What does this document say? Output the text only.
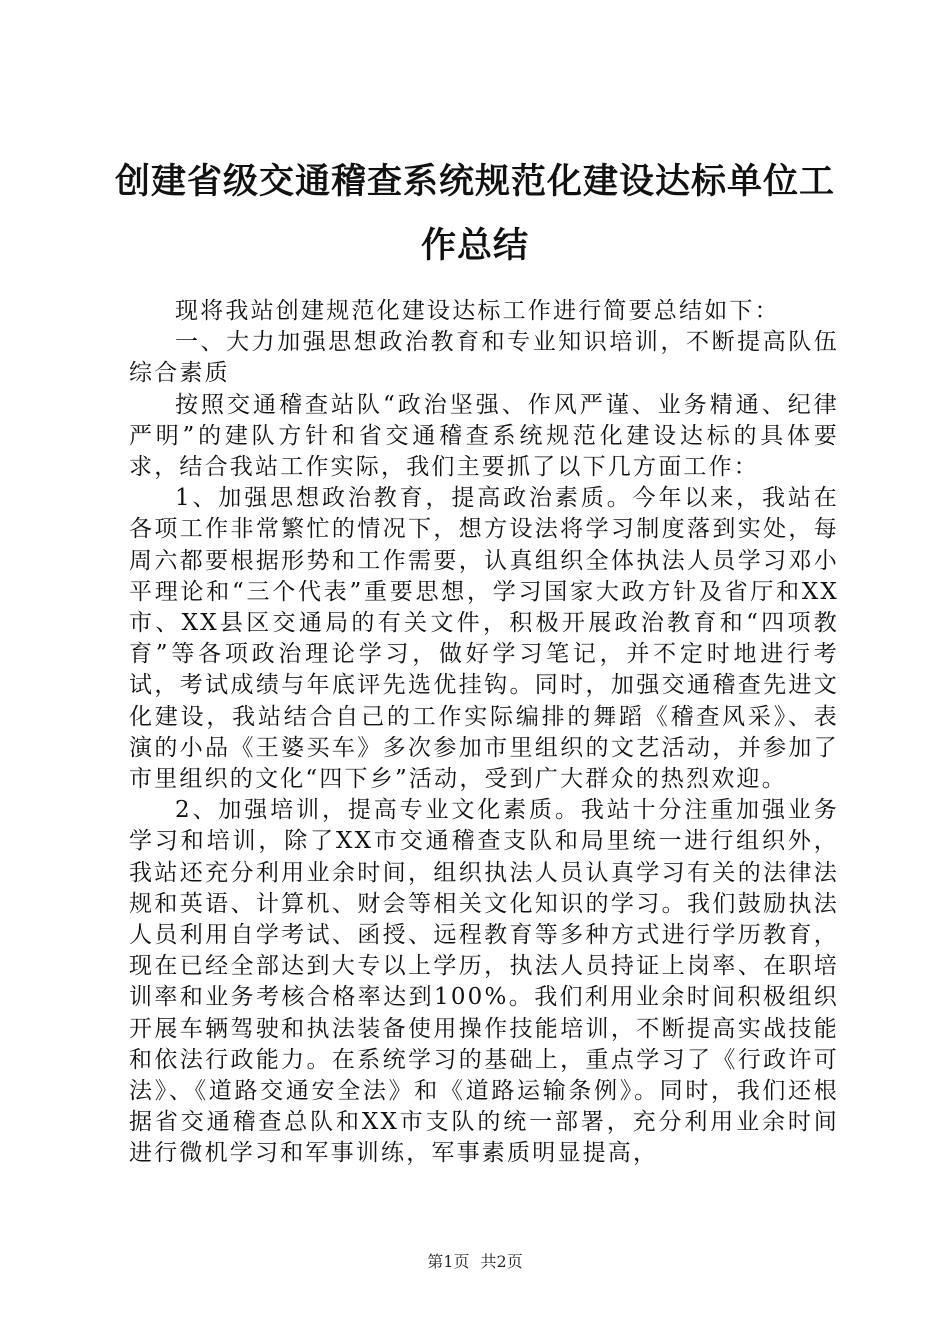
创建省级交通稽查系统规范化建设达标单位工
作总结

现将我站创建规范化建设达标工作进行简要总结如下：

一、大力加强思想政治教育和专业知识培训，不断提高队伍综合素质

按照交通稽查站队“政治坚强、作风严谨、业务精通、纪律严明”的建队方针和省交通稽查系统规范化建设达标的具体要求，结合我站工作实际，我们主要抓了以下几方面工作：

1、加强思想政治教育，提高政治素质。今年以来，我站在各项工作非常繁忙的情况下，想方设法将学习制度落到实处，每周六都要根据形势和工作需要，认真组织全体执法人员学习邓小平理论和“三个代表”重要思想，学习国家大政方针及省厅和XX市、XX县区交通局的有关文件，积极开展政治教育和“四项教育”等各项政治理论学习，做好学习笔记，并不定时地进行考试，考试成绩与年底评先选优挂钩。同时，加强交通稽查先进文化建设，我站结合自己的工作实际编排的舞蹈《稽查风采》、表演的小品《王婆买车》多次参加市里组织的文艺活动，并参加了市里组织的文化“四下乡”活动，受到广大群众的热烈欢迎。

2、加强培训，提高专业文化素质。我站十分注重加强业务学习和培训，除了XX市交通稽查支队和局里统一进行组织外，我站还充分利用业余时间，组织执法人员认真学习有关的法律法规和英语、计算机、财会等相关文化知识的学习。我们鼓励执法人员利用自学考试、函授、远程教育等多种方式进行学历教育，现在已经全部达到大专以上学历，执法人员持证上岗率、在职培训率和业务考核合格率达到100%。我们利用业余时间积极组织开展车辆驾驶和执法装备使用操作技能培训，不断提高实战技能和依法行政能力。在系统学习的基础上，重点学习了《行政许可法》、《道路交通安全法》和《道路运输条例》。同时，我们还根据省交通稽查总队和XX市支队的统一部署，充分利用业余时间进行微机学习和军事训练，军事素质明显提高，

第1页 共2页
